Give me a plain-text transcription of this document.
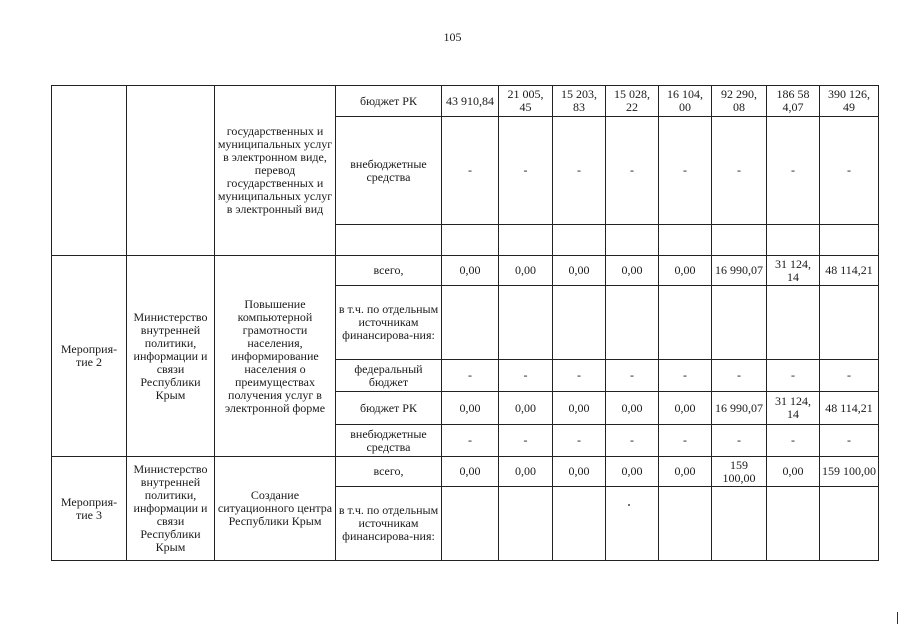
105
		государственных и муниципальных услуг в электронном виде, перевод государственных и муниципальных услуг в электронный вид	бюджет РК	43 910,84	21 005, 45	15 203, 83	15 028, 22	16 104, 00	92 290, 08	186 58 4,07	390 126, 49
			внебюджетные средства	-	-	-	-	-	-	-	-

Мероприя-тие 2	Министерство внутренней политики, информации и связи Республики Крым	Повышение компьютерной грамотности населения, информирование населения о преимуществах получения услуг в электронной форме	всего,	0,00	0,00	0,00	0,00	0,00	16 990,07	31 124, 14	48 114,21
			в т.ч. по отдельным источникам финансирова-ния:								
			федеральный бюджет	-	-	-	-	-	-	-	-
			бюджет РК	0,00	0,00	0,00	0,00	0,00	16 990,07	31 124, 14	48 114,21
			внебюджетные средства	-	-	-	-	-	-	-	-
Мероприя-тие 3	Министерство внутренней политики, информации и связи Республики Крым	Создание ситуационного центра Республики Крым	всего,	0,00	0,00	0,00	0,00	0,00	159 100,00	0,00	159 100,00
			в т.ч. по отдельным источникам финансирова-ния:								
